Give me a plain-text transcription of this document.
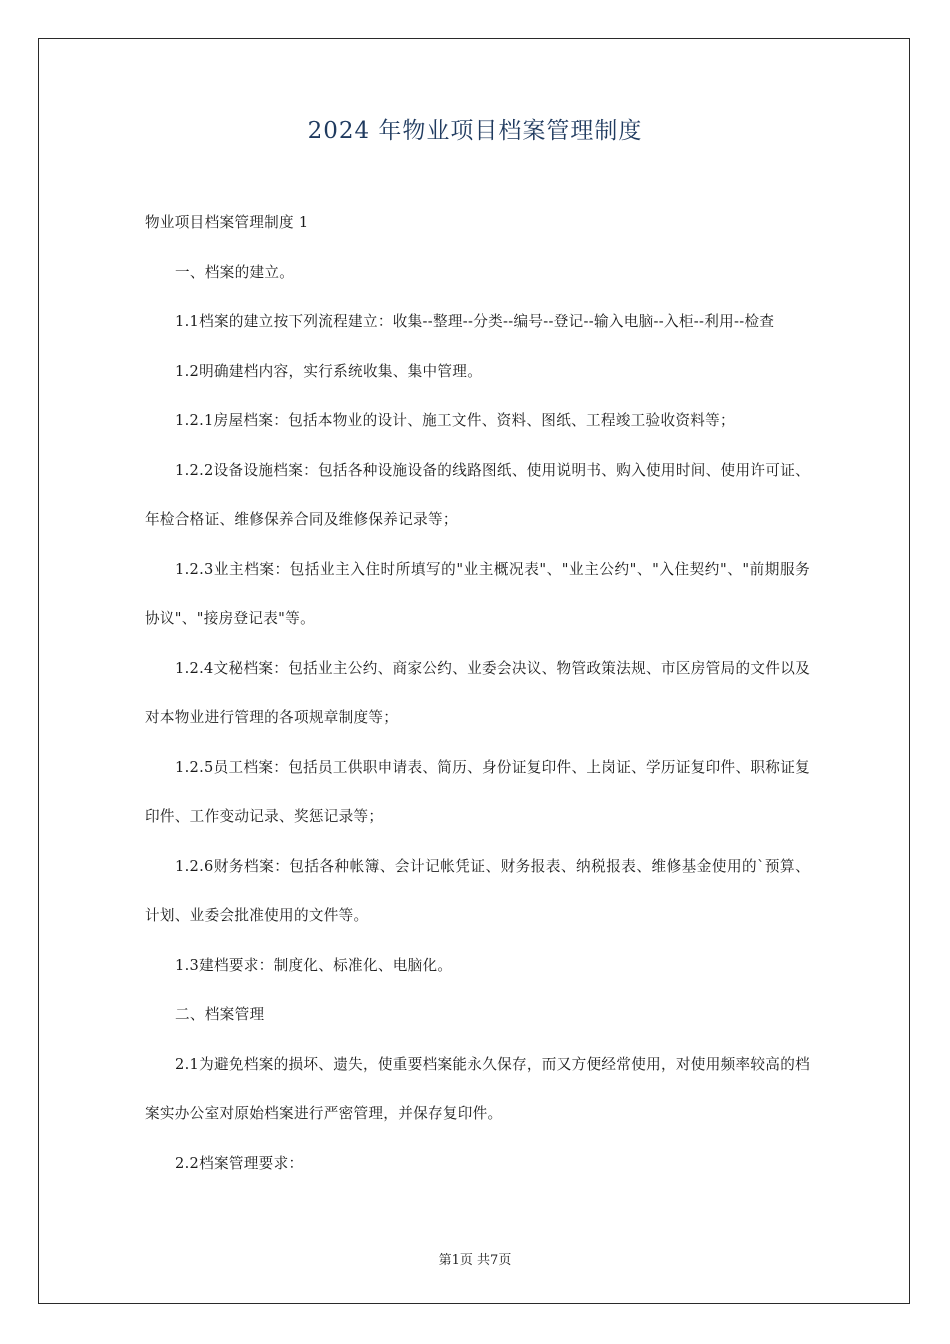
2024 年物业项目档案管理制度

物业项目档案管理制度 1

一、档案的建立。

1.1档案的建立按下列流程建立：收集--整理--分类--编号--登记--输入电脑--入柜--利用--检查

1.2明确建档内容，实行系统收集、集中管理。

1.2.1房屋档案：包括本物业的设计、施工文件、资料、图纸、工程竣工验收资料等；

1.2.2设备设施档案：包括各种设施设备的线路图纸、使用说明书、购入使用时间、使用许可证、年检合格证、维修保养合同及维修保养记录等；

1.2.3业主档案：包括业主入住时所填写的"业主概况表"、"业主公约"、"入住契约"、"前期服务协议"、"接房登记表"等。

1.2.4文秘档案：包括业主公约、商家公约、业委会决议、物管政策法规、市区房管局的文件以及对本物业进行管理的各项规章制度等；

1.2.5员工档案：包括员工供职申请表、简历、身份证复印件、上岗证、学历证复印件、职称证复印件、工作变动记录、奖惩记录等；

1.2.6财务档案：包括各种帐簿、会计记帐凭证、财务报表、纳税报表、维修基金使用的`预算、计划、业委会批准使用的文件等。

1.3建档要求：制度化、标准化、电脑化。

二、档案管理

2.1为避免档案的损坏、遗失，使重要档案能永久保存，而又方便经常使用，对使用频率较高的档案实办公室对原始档案进行严密管理，并保存复印件。

2.2档案管理要求：

第1页 共7页
